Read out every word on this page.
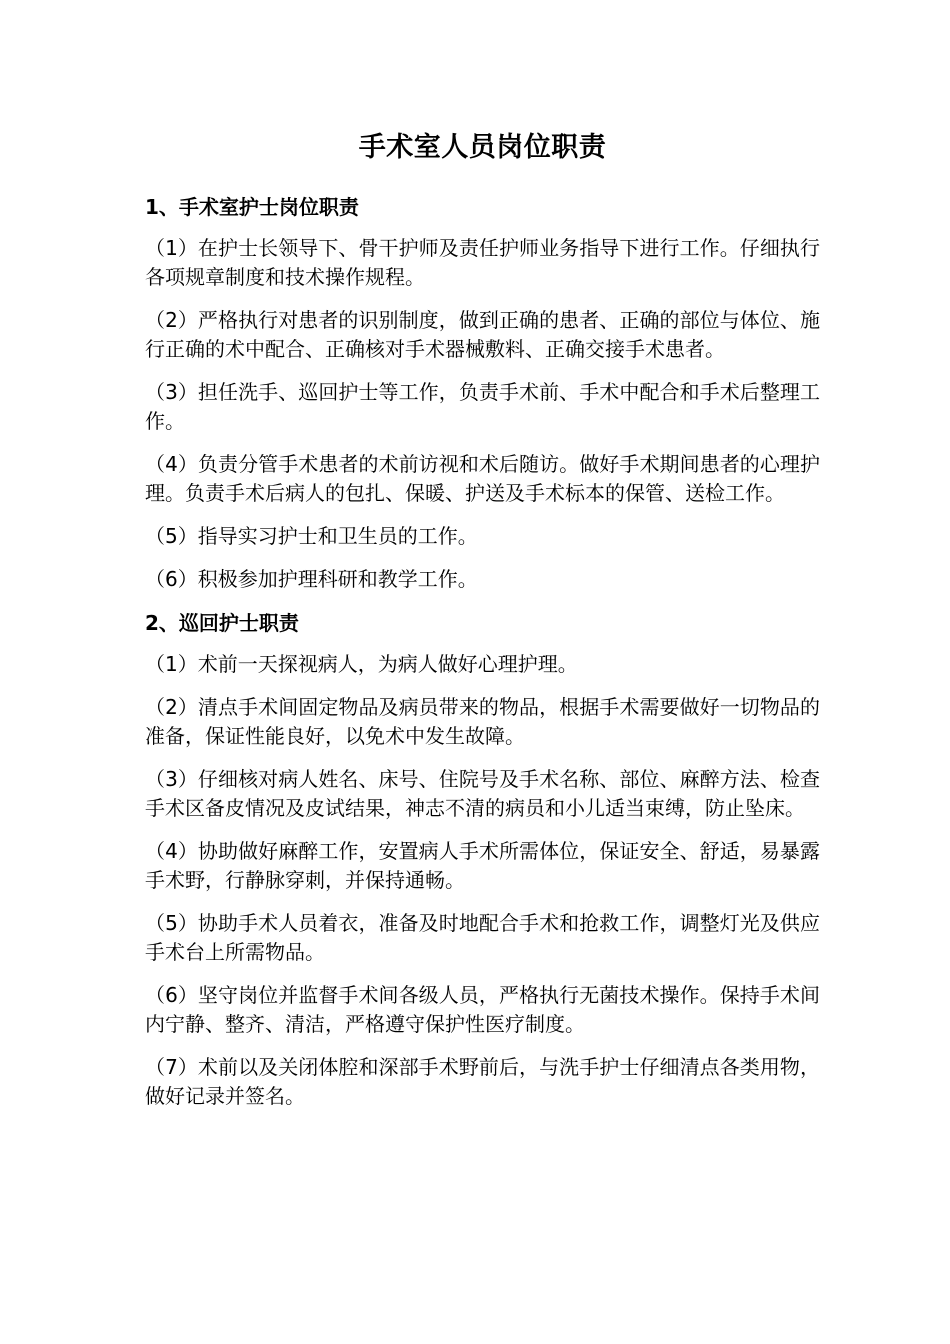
手术室人员岗位职责
1、手术室护士岗位职责

（1）在护士长领导下、骨干护师及责任护师业务指导下进行工作。仔细执行各项规章制度和技术操作规程。

（2）严格执行对患者的识别制度，做到正确的患者、正确的部位与体位、施行正确的术中配合、正确核对手术器械敷料、正确交接手术患者。

（3）担任洗手、巡回护士等工作，负责手术前、手术中配合和手术后整理工作。

（4）负责分管手术患者的术前访视和术后随访。做好手术期间患者的心理护理。负责手术后病人的包扎、保暖、护送及手术标本的保管、送检工作。

（5）指导实习护士和卫生员的工作。

（6）积极参加护理科研和教学工作。

2、巡回护士职责

（1）术前一天探视病人，为病人做好心理护理。

（2）清点手术间固定物品及病员带来的物品，根据手术需要做好一切物品的准备，保证性能良好，以免术中发生故障。

（3）仔细核对病人姓名、床号、住院号及手术名称、部位、麻醉方法、检查手术区备皮情况及皮试结果，神志不清的病员和小儿适当束缚，防止坠床。

（4）协助做好麻醉工作，安置病人手术所需体位，保证安全、舒适，易暴露手术野，行静脉穿刺，并保持通畅。

（5）协助手术人员着衣，准备及时地配合手术和抢救工作，调整灯光及供应手术台上所需物品。

（6）坚守岗位并监督手术间各级人员，严格执行无菌技术操作。保持手术间内宁静、整齐、清洁，严格遵守保护性医疗制度。

（7）术前以及关闭体腔和深部手术野前后，与洗手护士仔细清点各类用物，做好记录并签名。
